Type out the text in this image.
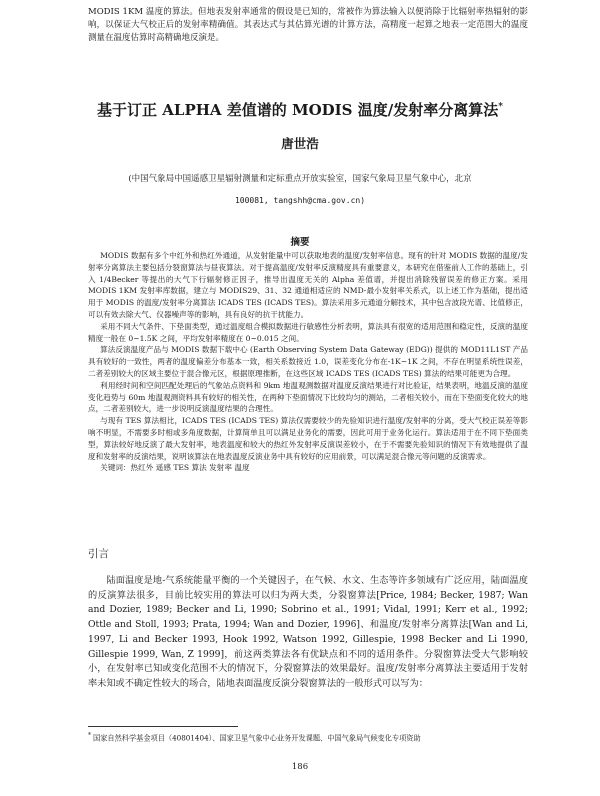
MODIS 1KM 温度的算法。但地表发射率通常的假设是已知的，常被作为算法输入以便消除于比辐射率热辐射的影响，以保证大气校正后的发射率精确值。其表达式与其估算光谱的计算方法，高精度一起算之地表一定范围大的温度测量在温度估算时高精确地反演是。
基于订正 ALPHA 差值谱的 MODIS 温度/发射率分离算法*
唐世浩
(中国气象局中国遥感卫星辐射测量和定标重点开放实验室，国家气象局卫星气象中心，北京
100081, tangshh@cma.gov.cn)
摘要

MODIS 数据有多个中红外和热红外通道，从发射能量中可以获取地表的温度/发射率信息。现有的针对 MODIS 数据的温度/发射率分离算法主要包括分裂窗算法与昼夜算法。对于提高温度/发射率反演精度具有重要意义，本研究在借鉴前人工作的基础上，引入 1/4Becker 等提出的大气下行辐射修正因子，推导出温度无关的 Alpha 差值谱，并提出消除残留误差的修正方案。采用 MODIS 1KM 发射率库数据，建立与 MODIS29、31、32 通道相适应的 NMD-最小发射率关系式，以上述工作为基础，提出适用于 MODIS 的温度/发射率分离算法 ICADS TES (ICADS TES)。算法采用多元通道分解技术，其中包含波段光谱、比值修正，可以有效去除大气、仪器噪声等的影响，具有良好的抗干扰能力。

采用不同大气条件、下垫面类型，通过温度组合模拟数据进行敏感性分析表明，算法具有很宽的适用范围和稳定性，反演的温度精度一般在 0~1.5K 之间，平均发射率精度在 0~0.015 之间。

算法反演温度产品与 MODIS 数据下载中心 (Earth Observing System Data Gateway (EDG)) 提供的 MOD11L1ST 产品具有较好的一致性，两者的温度偏差分布基本一致，相关系数接近 1.0，误差变化分布在-1K~1K 之间，不存在明显系统性误差，二者差别较大的区域主要位于混合像元区，根据原理推断，在这些区域 ICADS TES (ICADS TES) 算法的结果可能更为合理。

利用经时间和空间匹配处理后的气象站点资料和 9km 地温观测数据对温度反演结果进行对比验证，结果表明，地温反演的温度变化趋势与 60m 地温观测资料具有较好的相关性，在两种下垫面情况下比较均匀的测站，二者相关较小，而在下垫面变化较大的地点，二者差别较大，进一步说明反演温度结果的合理性。

与现有 TES 算法相比，ICADS TES (ICADS TES) 算法仅需要较少的先验知识进行温度/发射率的分离，受大气校正误差等影响不明显，不需要多时相或多角度数据，计算简单且可以满足业务化的需要，因此可用于业务化运行。算法适用于在不同下垫面类型，算法较好地反演了最大发射率，地表温度和较大的热红外发射率反演误差较小，在于不需要先验知识的情况下有效地提供了温度和发射率的反演结果，说明该算法在地表温度反演业务中具有较好的应用前景，可以满足混合像元等问题的反演需求。

关键词：热红外 遥感 TES 算法 发射率 温度

引言

陆面温度是地-气系统能量平衡的一个关键因子，在气候、水文、生态等许多领域有广泛应用，陆面温度的反演算法很多，目前比较实用的算法可以归为两大类，分裂窗算法[Price, 1984; Becker, 1987; Wan and Dozier, 1989; Becker and Li, 1990; Sobrino et al., 1991; Vidal, 1991; Kerr et al., 1992; Ottle and Stoll, 1993; Prata, 1994; Wan and Dozier, 1996]、和温度/发射率分离算法[Wan and Li, 1997, Li and Becker 1993, Hook 1992, Watson 1992, Gillespie, 1998 Becker and Li 1990, Gillespie 1999, Wan, Z 1999]，前这两类算法各有优缺点和不同的适用条件。分裂窗算法受大气影响较小，在发射率已知或变化范围不大的情况下，分裂窗算法的效果最好。温度/发射率分离算法主要适用于发射率未知或不确定性较大的场合，陆地表面温度反演分裂窗算法的一般形式可以写为：

* 国家自然科学基金项目（40801404）、国家卫星气象中心业务开发课题、中国气象局气候变化专项资助
186
